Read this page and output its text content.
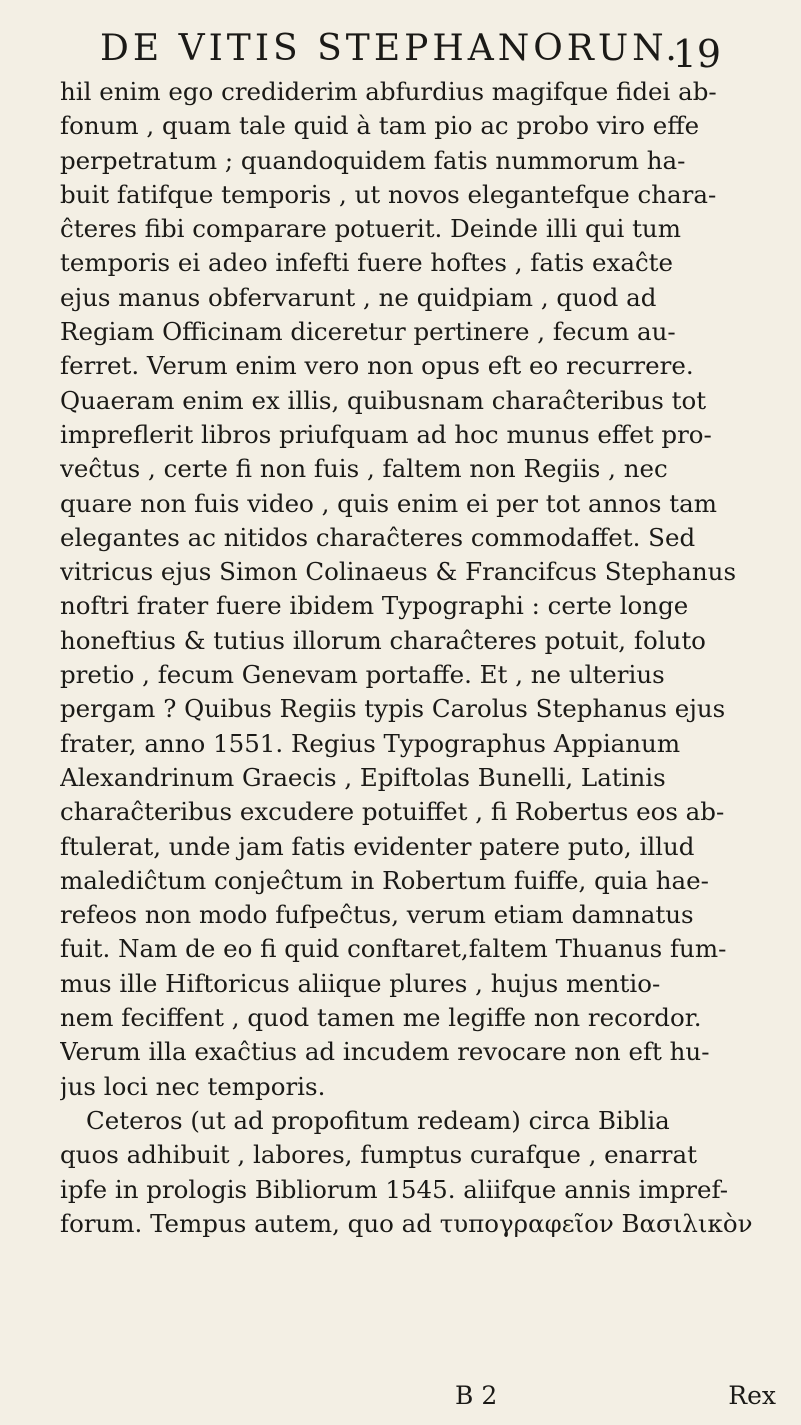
DE VITIS STEPHANORUN.
19
hil enim ego crediderim abfurdius magifque fidei ab-
fonum , quam tale quid à tam pio ac probo viro effe
perpetratum ; quandoquidem fatis nummorum ha-
buit fatifque temporis , ut novos elegantefque chara-
ĉteres fibi comparare potuerit. Deinde illi qui tum
temporis ei adeo infefti fuere hoftes , fatis exaĉte
ejus manus obfervarunt , ne quidpiam , quod ad
Regiam Officinam diceretur pertinere , fecum au-
ferret. Verum enim vero non opus eft eo recurrere.
Quaeram enim ex illis, quibusnam charaĉteribus tot
impreflerit libros priufquam ad hoc munus effet pro-
veĉtus , certe fi non fuis , faltem non Regiis , nec
quare non fuis video , quis enim ei per tot annos tam
elegantes ac nitidos charaĉteres commodaffet. Sed
vitricus ejus Simon Colinaeus & Francifcus Stephanus
noftri frater fuere ibidem Typographi : certe longe
honeftius & tutius illorum charaĉteres potuit, foluto
pretio , fecum Genevam portaffe. Et , ne ulterius
pergam ? Quibus Regiis typis Carolus Stephanus ejus
frater, anno 1551. Regius Typographus Appianum
Alexandrinum Graecis , Epiftolas Bunelli, Latinis
charaĉteribus excudere potuiffet , fi Robertus eos ab-
ftulerat, unde jam fatis evidenter patere puto, illud
malediĉtum conjeĉtum in Robertum fuiffe, quia hae-
refeos non modo fufpeĉtus, verum etiam damnatus
fuit. Nam de eo fi quid conftaret,faltem Thuanus fum-
mus ille Hiftoricus aliique plures , hujus mentio-
nem feciffent , quod tamen me legiffe non recordor.
Verum illa exaĉtius ad incudem revocare non eft hu-
jus loci nec temporis.
Ceteros (ut ad propofitum redeam) circa Biblia
quos adhibuit , labores, fumptus curafque , enarrat
ipfe in prologis Bibliorum 1545. aliifque annis impref-
forum. Tempus autem, quo ad τυπογραφεῖον Βασιλικὸν
B 2	Rex
